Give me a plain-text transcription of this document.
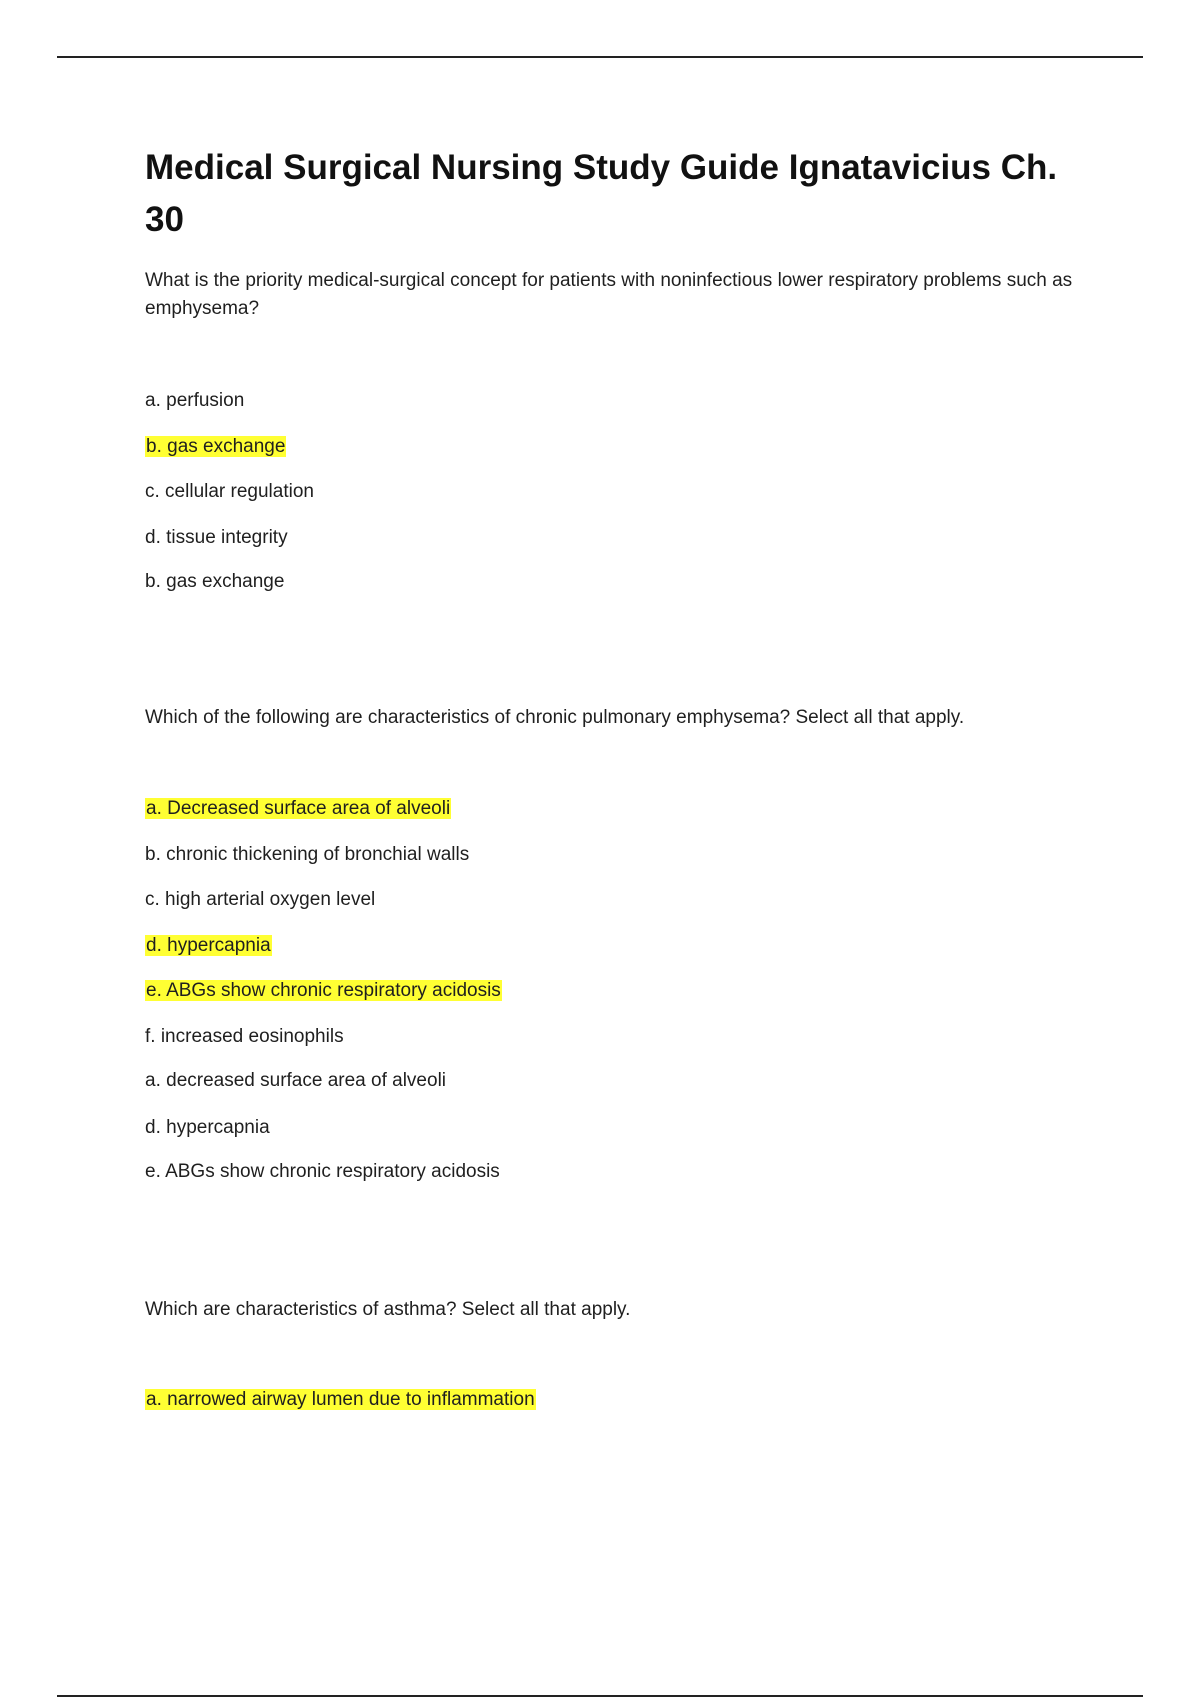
Medical Surgical Nursing Study Guide Ignatavicius Ch. 30

What is the priority medical-surgical concept for patients with noninfectious lower respiratory problems such as emphysema?

a. perfusion

b. gas exchange

c. cellular regulation

d. tissue integrity

b. gas exchange

Which of the following are characteristics of chronic pulmonary emphysema? Select all that apply.

a. Decreased surface area of alveoli

b. chronic thickening of bronchial walls

c. high arterial oxygen level

d. hypercapnia

e. ABGs show chronic respiratory acidosis

f. increased eosinophils

a. decreased surface area of alveoli

d. hypercapnia

e. ABGs show chronic respiratory acidosis

Which are characteristics of asthma? Select all that apply.

a. narrowed airway lumen due to inflammation
